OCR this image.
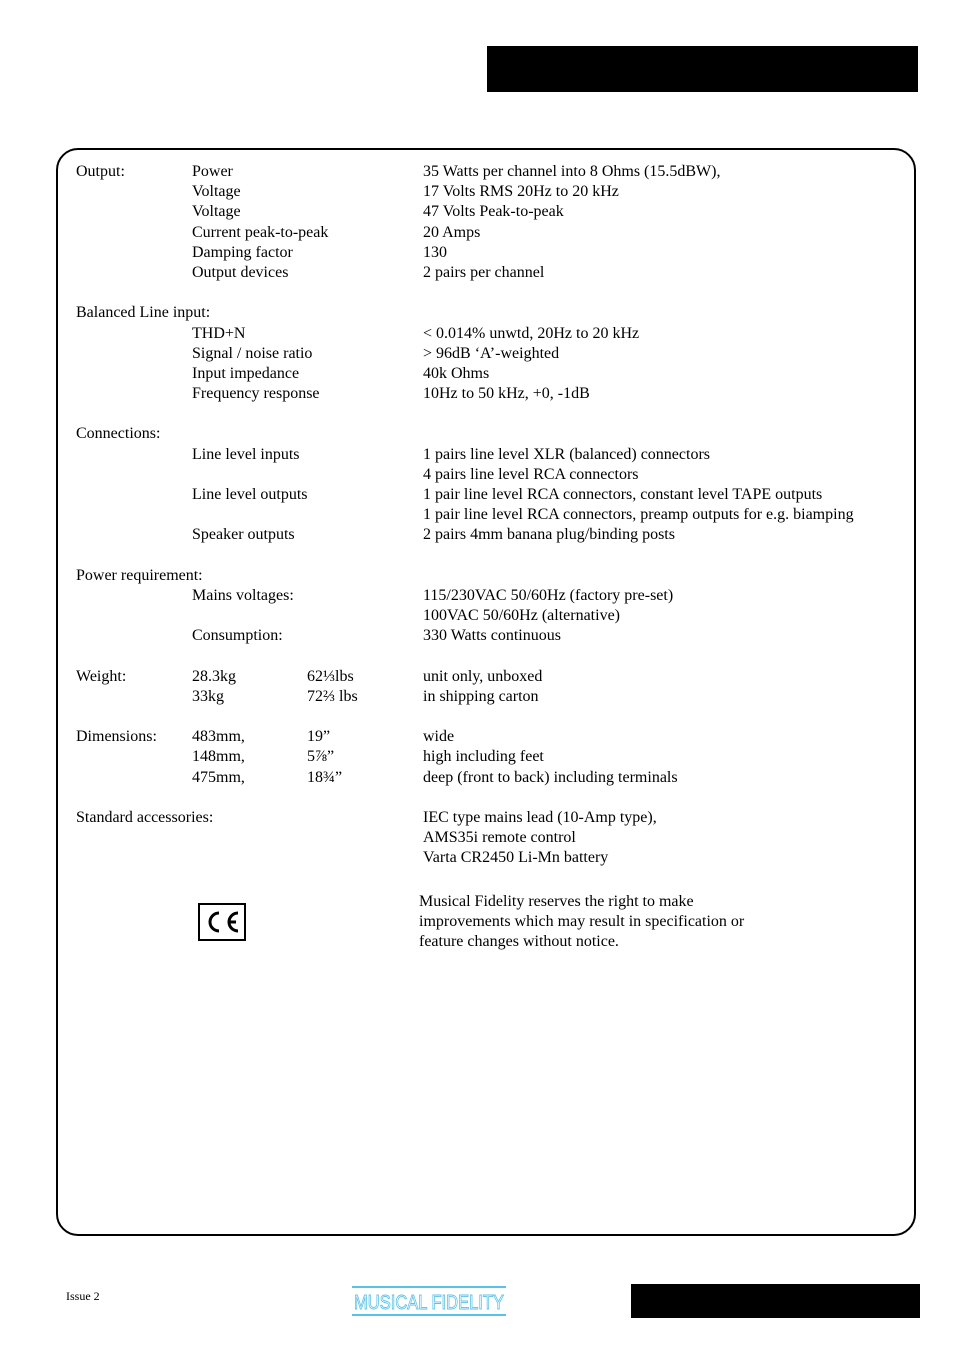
Output:	Power	35 Watts per channel into 8 Ohms (15.5dBW),
Voltage	17 Volts RMS 20Hz to 20 kHz
Voltage	47 Volts Peak-to-peak
Current peak-to-peak	20 Amps
Damping factor	130
Output devices	2 pairs per channel
Balanced Line input:
THD+N	< 0.014% unwtd, 20Hz to 20 kHz
Signal / noise ratio	> 96dB ‘A’-weighted
Input impedance	40k Ohms
Frequency response	10Hz to 50 kHz, +0, -1dB
Connections:
Line level inputs	1 pairs line level XLR (balanced) connectors
4 pairs line level RCA connectors
Line level outputs	1 pair line level RCA connectors, constant level TAPE outputs
1 pair line level RCA connectors, preamp outputs for e.g. biamping
Speaker outputs	2 pairs 4mm banana plug/binding posts
Power requirement:
Mains voltages:	115/230VAC 50/60Hz (factory pre-set)
100VAC 50/60Hz (alternative)
Consumption:	330 Watts continuous
Weight:	28.3kg	62⅓lbs	unit only, unboxed
33kg	72⅔ lbs	in shipping carton
Dimensions: 483mm,	19”	wide
148mm,	5⅞”	high including feet
475mm,	18¾”	deep (front to back) including terminals
Standard accessories:	IEC type mains lead (10-Amp type),
AMS35i remote control
Varta CR2450 Li-Mn battery
Musical Fidelity reserves the right to make
improvements which may result in specification or
feature changes without notice.
Issue 2	MUSICAL FIDELITY
